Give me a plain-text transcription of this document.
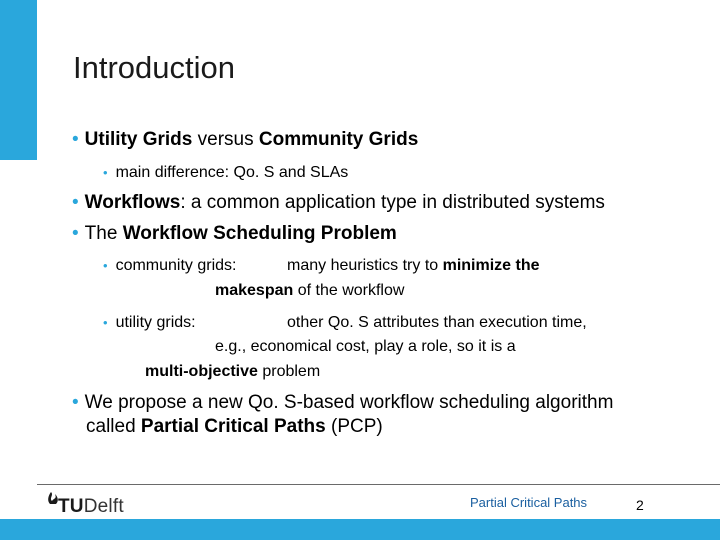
Introduction
• Utility Grids versus Community Grids
• main difference: Qo. S and SLAs
• Workflows: a common application type in distributed systems
• The Workflow Scheduling Problem
• community grids:	many heuristics try to minimize the
makespan of the workflow
• utility grids:	other Qo. S attributes than execution time,
e.g., economical cost, play a role, so it is a
multi-objective problem
• We propose a new Qo. S-based workflow scheduling algorithm
called Partial Critical Paths (PCP)
TUDelft	Partial Critical Paths	2
